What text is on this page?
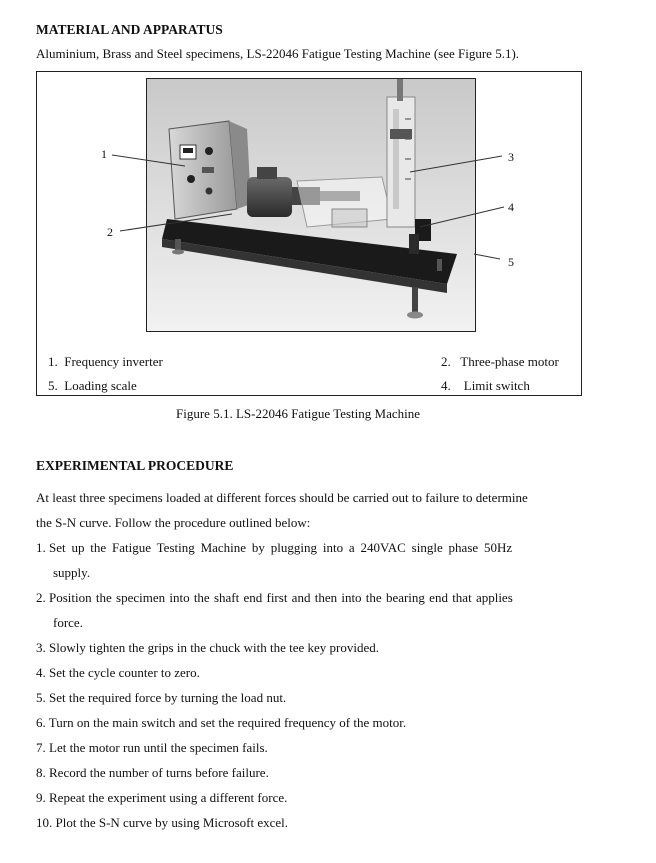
MATERIAL AND APPARATUS
Aluminium, Brass and Steel specimens, LS-22046 Fatigue Testing Machine (see Figure 5.1).
1
2
3
4
5
1. Frequency inverter	2. Three-phase motor
5. Loading scale	4. Limit switch
Figure 5.1. LS-22046 Fatigue Testing Machine
EXPERIMENTAL PROCEDURE
At least three specimens loaded at different forces should be carried out to failure to determine
the S-N curve. Follow the procedure outlined below:
1. Set up the Fatigue Testing Machine by plugging into a 240VAC single phase 50Hz
supply.
2. Position the specimen into the shaft end first and then into the bearing end that applies
force.
3. Slowly tighten the grips in the chuck with the tee key provided.
4. Set the cycle counter to zero.
5. Set the required force by turning the load nut.
6. Turn on the main switch and set the required frequency of the motor.
7. Let the motor run until the specimen fails.
8. Record the number of turns before failure.
9. Repeat the experiment using a different force.
10. Plot the S-N curve by using Microsoft excel.
